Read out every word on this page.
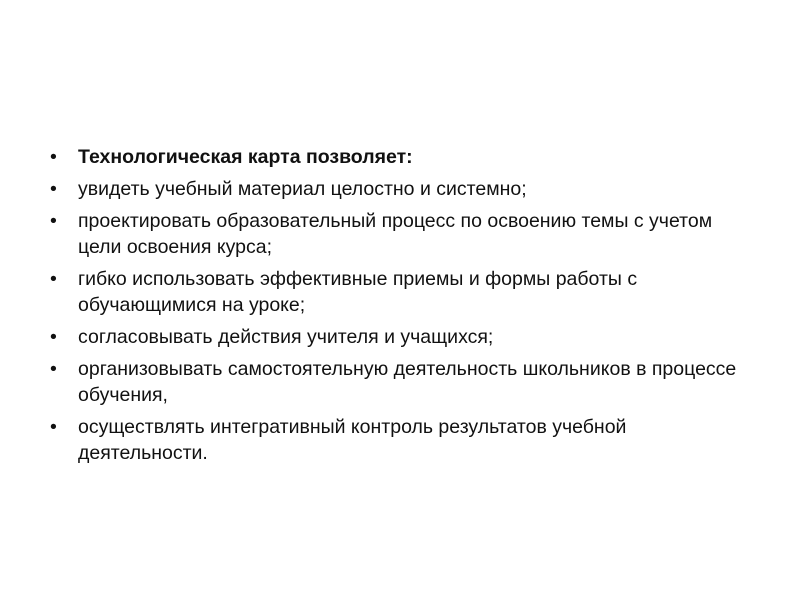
•	Технологическая карта позволяет:
•	увидеть учебный материал целостно и системно;
•	проектировать образовательный процесс по освоению темы с учетом цели освоения курса;
•	гибко использовать эффективные приемы и формы работы с обучающимися на уроке;
•	согласовывать действия учителя и учащихся;
•	организовывать самостоятельную деятельность школьников в процессе обучения,
•	осуществлять интегративный контроль результатов учебной деятельности.
